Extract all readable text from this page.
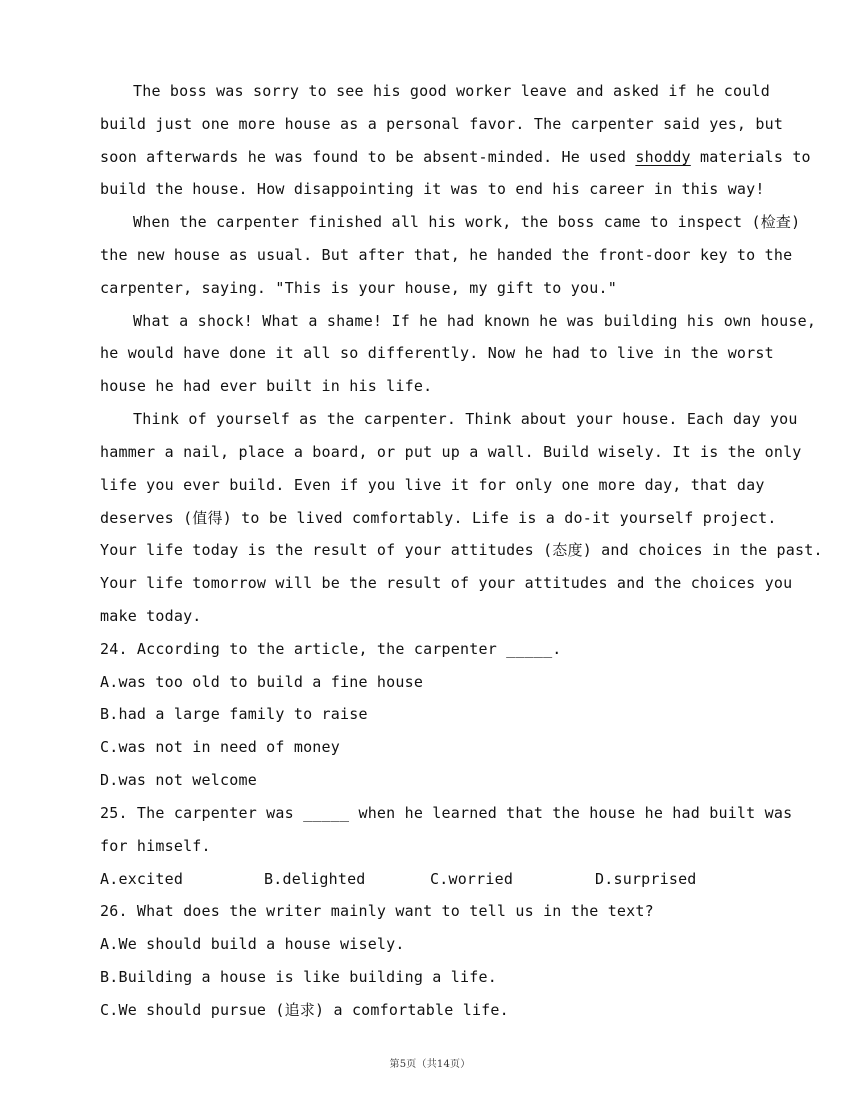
The boss was sorry to see his good worker leave and asked if he could
build just one more house as a personal favor. The carpenter said yes, but
soon afterwards he was found to be absent-minded. He used shoddy materials to
build the house. How disappointing it was to end his career in this way!
When the carpenter finished all his work, the boss came to inspect (检查)
the new house as usual. But after that, he handed the front-door key to the
carpenter, saying. "This is your house, my gift to you."
What a shock! What a shame! If he had known he was building his own house,
he would have done it all so differently. Now he had to live in the worst
house he had ever built in his life.
Think of yourself as the carpenter. Think about your house. Each day you
hammer a nail, place a board, or put up a wall. Build wisely. It is the only
life you ever build. Even if you live it for only one more day, that day
deserves (值得) to be lived comfortably. Life is a do-it yourself project.
Your life today is the result of your attitudes (态度) and choices in the past.
Your life tomorrow will be the result of your attitudes and the choices you
make today.
24. According to the article, the carpenter _____.
A.was too old to build a fine house
B.had a large family to raise
C.was not in need of money
D.was not welcome
25. The carpenter was _____ when he learned that the house he had built was
for himself.
A.excited	B.delighted	C.worried	D.surprised
26. What does the writer mainly want to tell us in the text?
A.We should build a house wisely.
B.Building a house is like building a life.
C.We should pursue (追求) a comfortable life.
第5页（共14页）
